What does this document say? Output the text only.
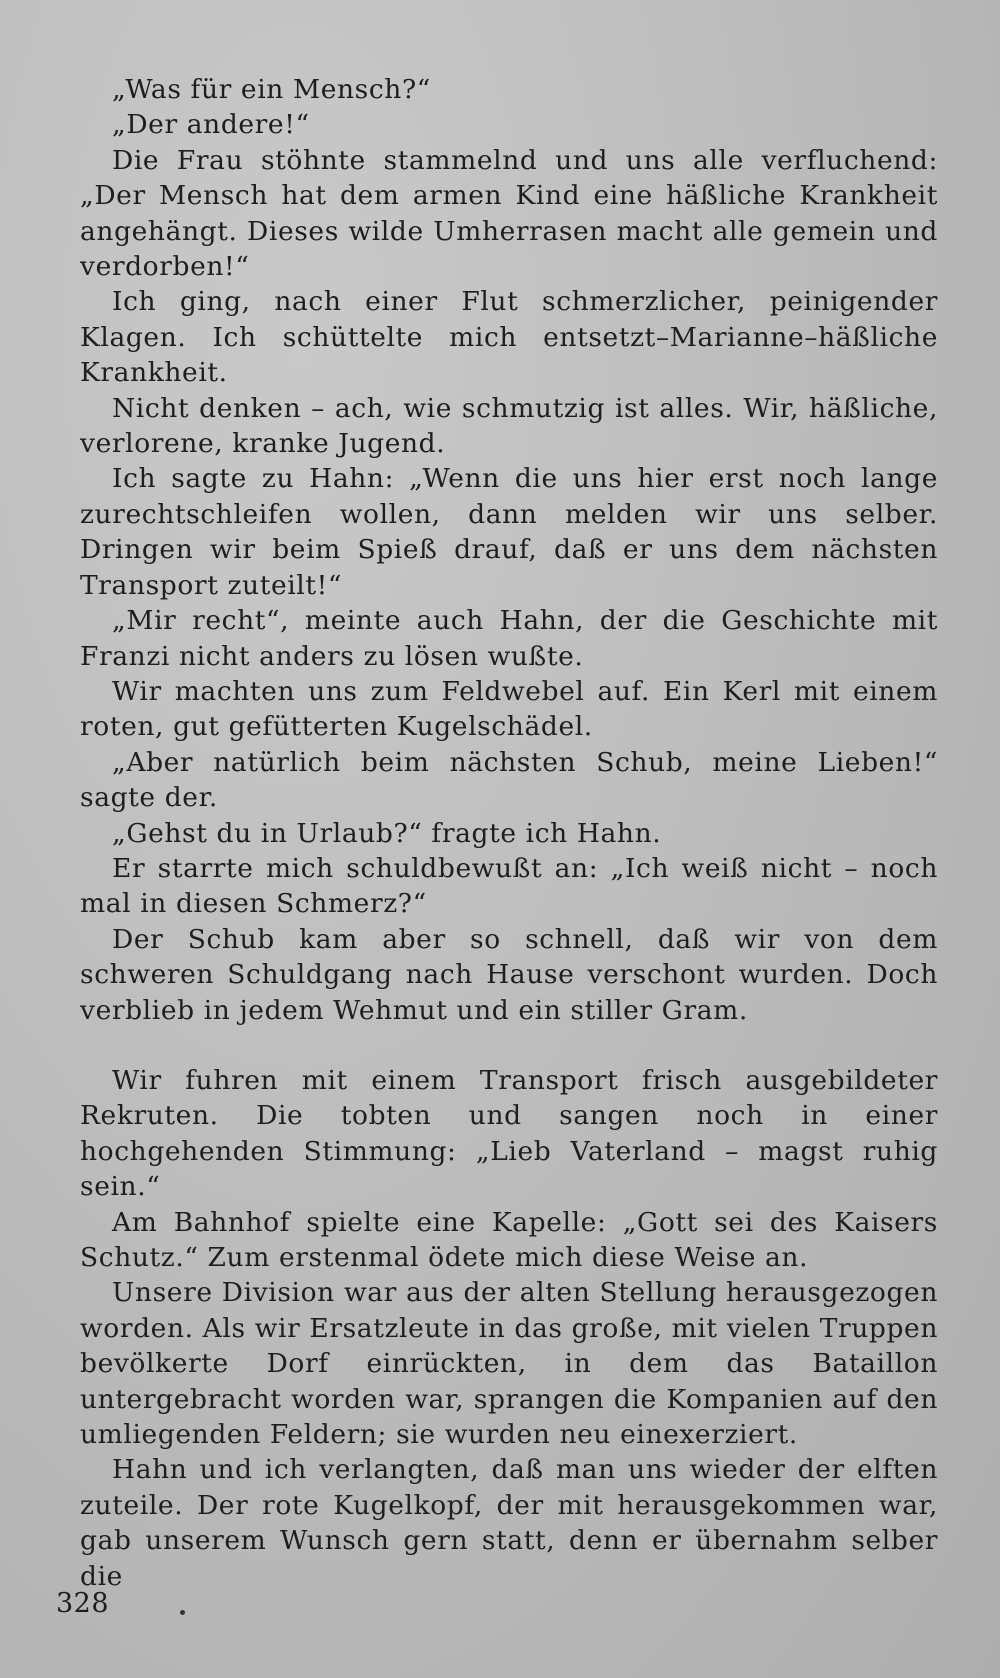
„Was für ein Mensch?“

„Der andere!“

Die Frau stöhnte stammelnd und uns alle verfluchend: „Der Mensch hat dem armen Kind eine häßliche Krankheit angehängt. Dieses wilde Umherrasen macht alle gemein und verdorben!“

Ich ging, nach einer Flut schmerzlicher, peinigender Klagen. Ich schüttelte mich entsetzt–Marianne–häßliche Krankheit.

Nicht denken – ach, wie schmutzig ist alles. Wir, häßliche, verlorene, kranke Jugend.

Ich sagte zu Hahn: „Wenn die uns hier erst noch lange zurechtschleifen wollen, dann melden wir uns selber. Dringen wir beim Spieß drauf, daß er uns dem nächsten Transport zuteilt!“

„Mir recht“, meinte auch Hahn, der die Geschichte mit Franzi nicht anders zu lösen wußte.

Wir machten uns zum Feldwebel auf. Ein Kerl mit einem roten, gut gefütterten Kugelschädel.

„Aber natürlich beim nächsten Schub, meine Lieben!“ sagte der.

„Gehst du in Urlaub?“ fragte ich Hahn.

Er starrte mich schuldbewußt an: „Ich weiß nicht – noch mal in diesen Schmerz?“

Der Schub kam aber so schnell, daß wir von dem schweren Schuldgang nach Hause verschont wurden. Doch verblieb in jedem Wehmut und ein stiller Gram.

Wir fuhren mit einem Transport frisch ausgebildeter Rekruten. Die tobten und sangen noch in einer hochgehenden Stimmung: „Lieb Vaterland – magst ruhig sein.“

Am Bahnhof spielte eine Kapelle: „Gott sei des Kaisers Schutz.“ Zum erstenmal ödete mich diese Weise an.

Unsere Division war aus der alten Stellung herausgezogen worden. Als wir Ersatzleute in das große, mit vielen Truppen bevölkerte Dorf einrückten, in dem das Bataillon untergebracht worden war, sprangen die Kompanien auf den umliegenden Feldern; sie wurden neu einexerziert.

Hahn und ich verlangten, daß man uns wieder der elften zuteile. Der rote Kugelkopf, der mit herausgekommen war, gab unserem Wunsch gern statt, denn er übernahm selber die

328
